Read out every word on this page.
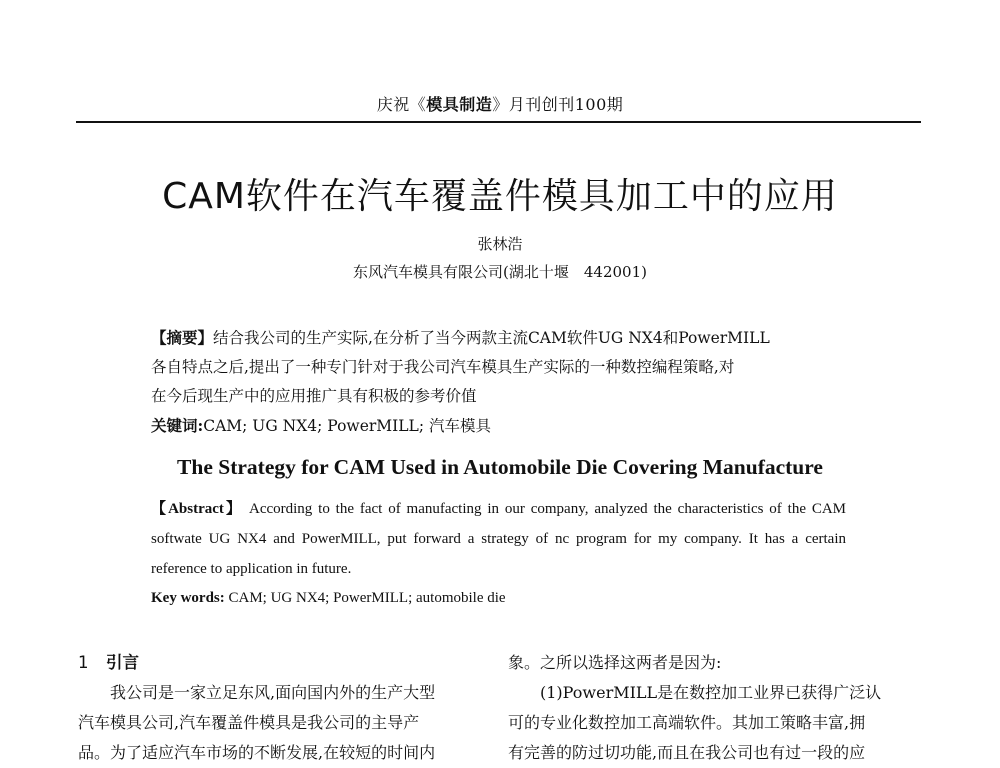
庆祝《模具制造》月刊创刊100期
CAM软件在汽车覆盖件模具加工中的应用
张林浩
东风汽车模具有限公司(湖北十堰　442001)
【摘要】结合我公司的生产实际,在分析了当今两款主流CAM软件UG NX4和PowerMILL
各自特点之后,提出了一种专门针对于我公司汽车模具生产实际的一种数控编程策略,对
在今后现生产中的应用推广具有积极的参考价值
关键词:CAM; UG NX4; PowerMILL; 汽车模具
The Strategy for CAM Used in Automobile Die Covering Manufacture
【Abstract】 According to the fact of manufacting in our company, analyzed the characteristics of the CAM softwate UG NX4 and PowerMILL, put forward a strategy of nc program for my company. It has a certain reference to application in future.
Key words: CAM; UG NX4; PowerMILL; automobile die
1 引言
我公司是一家立足东风,面向国内外的生产大型
汽车模具公司,汽车覆盖件模具是我公司的主导产
品。为了适应汽车市场的不断发展,在较短的时间内
象。之所以选择这两者是因为:
(1)PowerMILL是在数控加工业界已获得广泛认
可的专业化数控加工高端软件。其加工策略丰富,拥
有完善的防过切功能,而且在我公司也有过一段的应
